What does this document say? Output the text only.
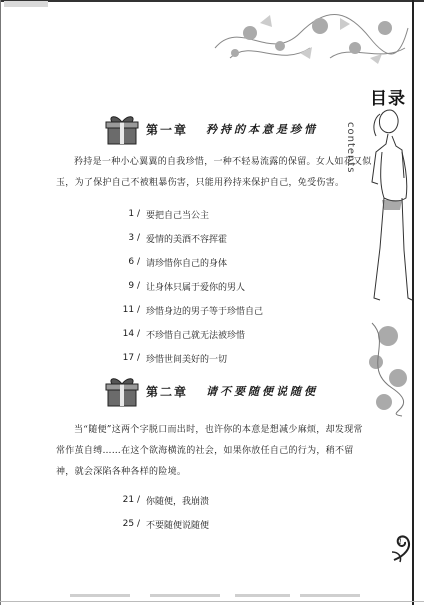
目录
contents
第一章 矜持的本意是珍惜

矜持是一种小心翼翼的自我珍惜，一种不轻易流露的保留。女人如花又似玉，为了保护自己不被粗暴伤害，只能用矜持来保护自己，免受伤害。

1 / 要把自己当公主
3 / 爱情的美酒不容挥霍
6 / 请珍惜你自己的身体
9 / 让身体只属于爱你的男人
11 / 珍惜身边的男子等于珍惜自己
14 / 不珍惜自己就无法被珍惜
17 / 珍惜世间美好的一切
第二章 请不要随便说随便

当“随便”这两个字脱口而出时，也许你的本意是想减少麻烦，却发现常常作茧自缚……在这个欲海横流的社会，如果你放任自己的行为，稍不留神，就会深陷各种各样的险境。

21 / 你随便，我崩溃
25 / 不要随便说随便
1
